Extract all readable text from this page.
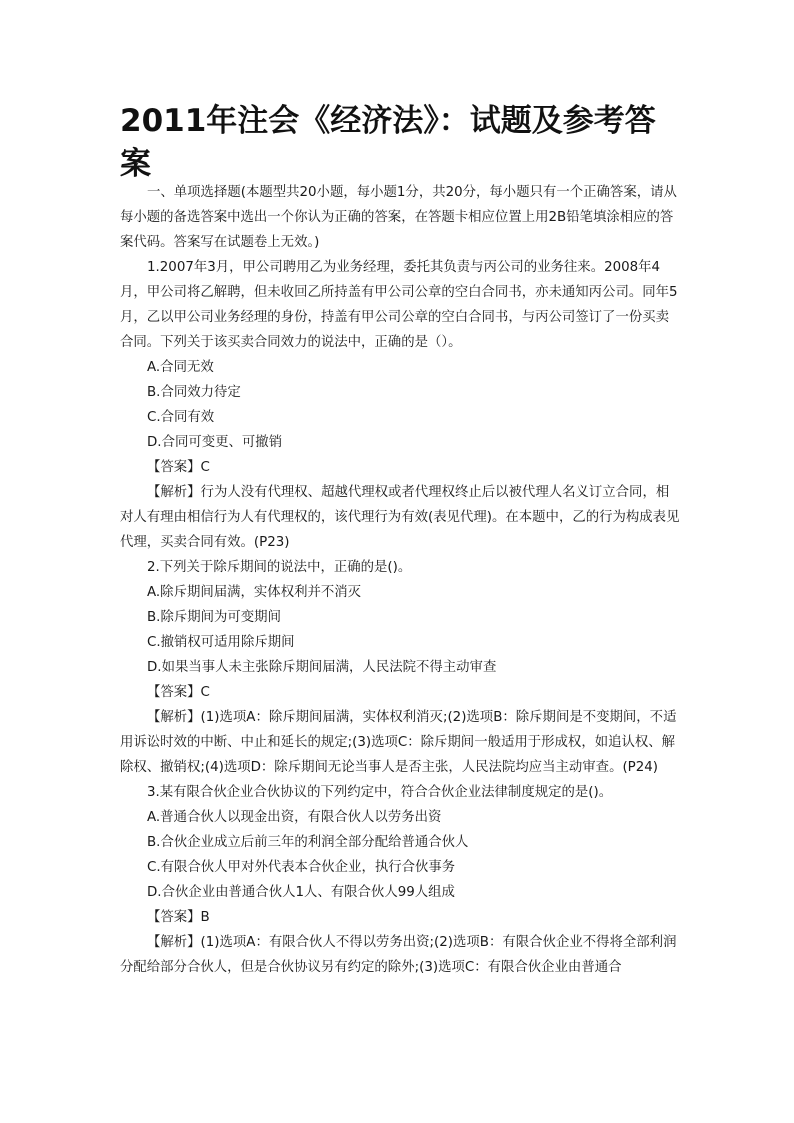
2011年注会《经济法》：试题及参考答案

一、单项选择题(本题型共20小题，每小题1分，共20分，每小题只有一个正确答案，请从每小题的备选答案中选出一个你认为正确的答案，在答题卡相应位置上用2B铅笔填涂相应的答案代码。答案写在试题卷上无效。)

1.2007年3月，甲公司聘用乙为业务经理，委托其负责与丙公司的业务往来。2008年4月，甲公司将乙解聘，但未收回乙所持盖有甲公司公章的空白合同书，亦未通知丙公司。同年5月，乙以甲公司业务经理的身份，持盖有甲公司公章的空白合同书，与丙公司签订了一份买卖合同。下列关于该买卖合同效力的说法中，正确的是（）。

A.合同无效

B.合同效力待定

C.合同有效

D.合同可变更、可撤销

【答案】C

【解析】行为人没有代理权、超越代理权或者代理权终止后以被代理人名义订立合同，相对人有理由相信行为人有代理权的，该代理行为有效(表见代理)。在本题中，乙的行为构成表见代理，买卖合同有效。(P23)

2.下列关于除斥期间的说法中，正确的是()。

A.除斥期间届满，实体权利并不消灭

B.除斥期间为可变期间

C.撤销权可适用除斥期间

D.如果当事人未主张除斥期间届满，人民法院不得主动审查

【答案】C

【解析】(1)选项A：除斥期间届满，实体权利消灭;(2)选项B：除斥期间是不变期间，不适用诉讼时效的中断、中止和延长的规定;(3)选项C：除斥期间一般适用于形成权，如追认权、解除权、撤销权;(4)选项D：除斥期间无论当事人是否主张，人民法院均应当主动审查。(P24)

3.某有限合伙企业合伙协议的下列约定中，符合合伙企业法律制度规定的是()。

A.普通合伙人以现金出资，有限合伙人以劳务出资

B.合伙企业成立后前三年的利润全部分配给普通合伙人

C.有限合伙人甲对外代表本合伙企业，执行合伙事务

D.合伙企业由普通合伙人1人、有限合伙人99人组成

【答案】B

【解析】(1)选项A：有限合伙人不得以劳务出资;(2)选项B：有限合伙企业不得将全部利润分配给部分合伙人，但是合伙协议另有约定的除外;(3)选项C：有限合伙企业由普通合
